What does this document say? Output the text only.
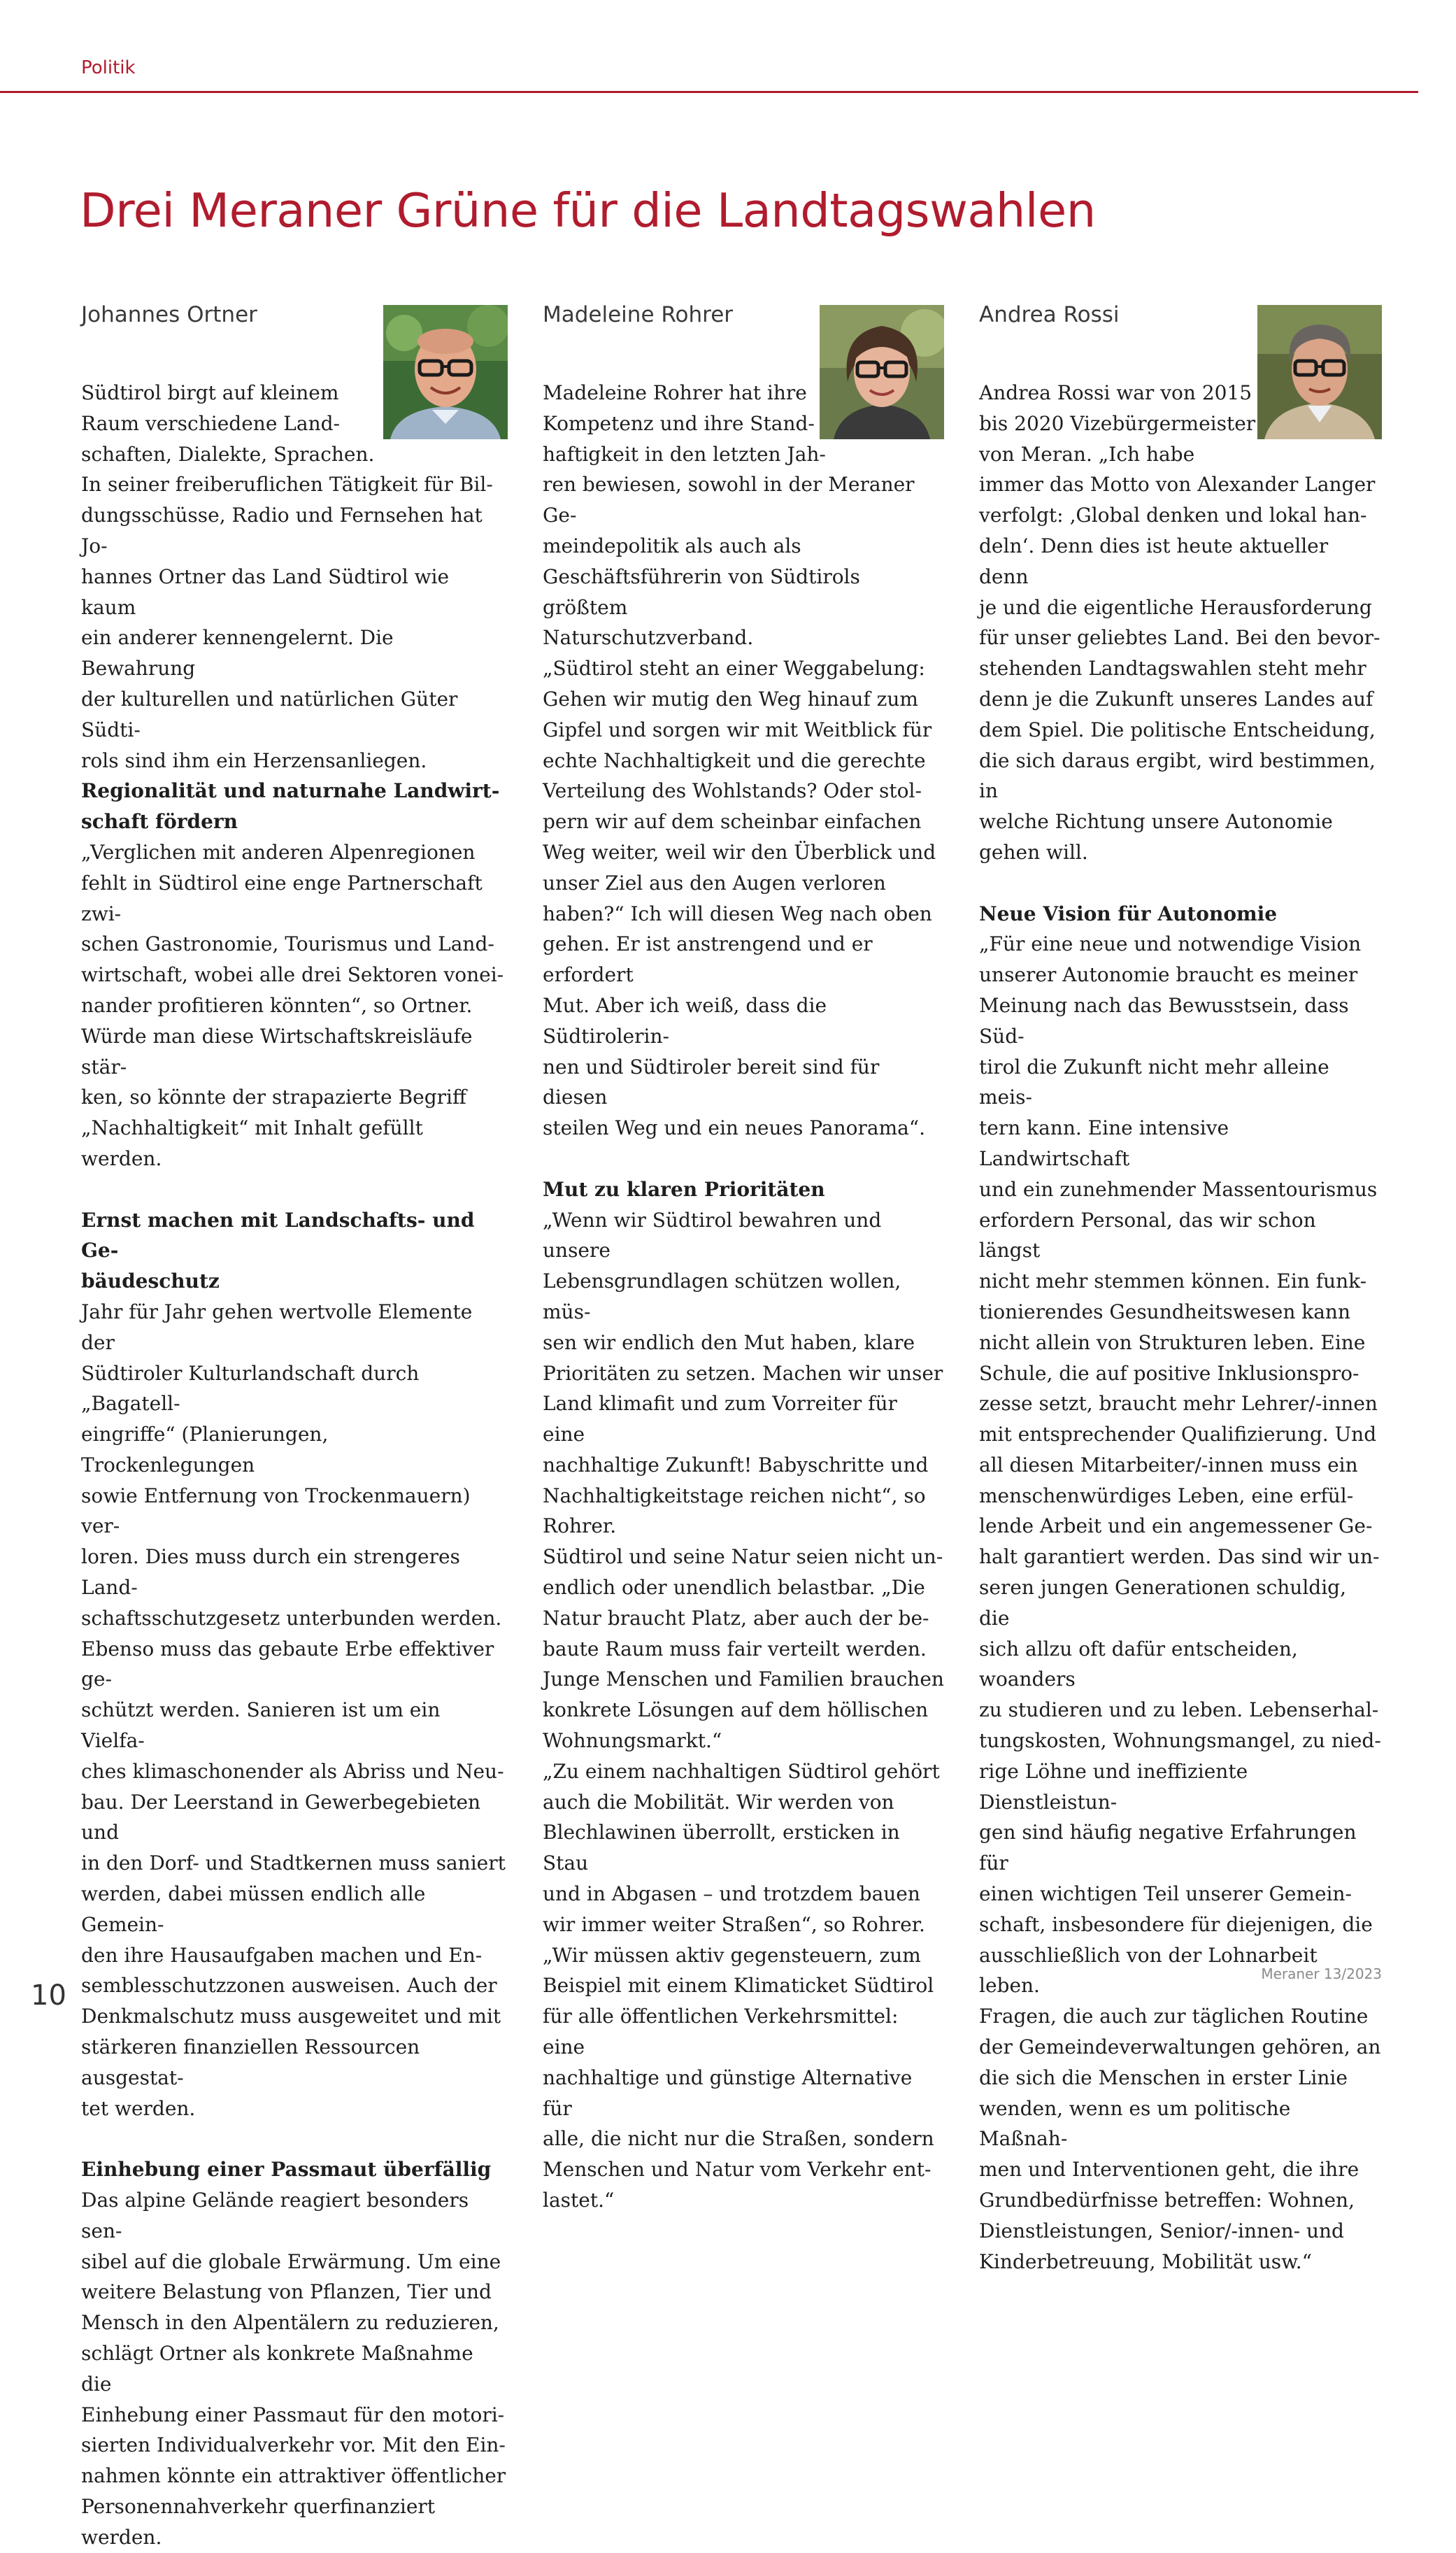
Politik

Drei Meraner Grüne für die Landtagswahlen
Johannes Ortner

Südtirol birgt auf kleinem
Raum verschiedene Land-
schaften, Dialekte, Sprachen.
In seiner freiberuflichen Tätigkeit für Bil-
dungsschüsse, Radio und Fernsehen hat Jo-
hannes Ortner das Land Südtirol wie kaum
ein anderer kennengelernt. Die Bewahrung
der kulturellen und natürlichen Güter Südti-
rols sind ihm ein Herzensanliegen.

Regionalität und naturnahe Landwirt-
schaft fördern

„Verglichen mit anderen Alpenregionen
fehlt in Südtirol eine enge Partnerschaft zwi-
schen Gastronomie, Tourismus und Land-
wirtschaft, wobei alle drei Sektoren vonei-
nander profitieren könnten“, so Ortner.
Würde man diese Wirtschaftskreisläufe stär-
ken, so könnte der strapazierte Begriff
„Nachhaltigkeit“ mit Inhalt gefüllt werden.

Ernst machen mit Landschafts- und Ge-
bäudeschutz

Jahr für Jahr gehen wertvolle Elemente der
Südtiroler Kulturlandschaft durch „Bagatell-
eingriffe“ (Planierungen, Trockenlegungen
sowie Entfernung von Trockenmauern) ver-
loren. Dies muss durch ein strengeres Land-
schaftsschutzgesetz unterbunden werden.
Ebenso muss das gebaute Erbe effektiver ge-
schützt werden. Sanieren ist um ein Vielfa-
ches klimaschonender als Abriss und Neu-
bau. Der Leerstand in Gewerbegebieten und
in den Dorf- und Stadtkernen muss saniert
werden, dabei müssen endlich alle Gemein-
den ihre Hausaufgaben machen und En-
semblesschutzzonen ausweisen. Auch der
Denkmalschutz muss ausgeweitet und mit
stärkeren finanziellen Ressourcen ausgestat-
tet werden.

Einhebung einer Passmaut überfällig

Das alpine Gelände reagiert besonders sen-
sibel auf die globale Erwärmung. Um eine
weitere Belastung von Pflanzen, Tier und
Mensch in den Alpentälern zu reduzieren,
schlägt Ortner als konkrete Maßnahme die
Einhebung einer Passmaut für den motori-
sierten Individualverkehr vor. Mit den Ein-
nahmen könnte ein attraktiver öffentlicher
Personennahverkehr querfinanziert werden.

Madeleine Rohrer

Madeleine Rohrer hat ihre
Kompetenz und ihre Stand-
haftigkeit in den letzten Jah-
ren bewiesen, sowohl in der Meraner Ge-
meindepolitik als auch als
Geschäftsführerin von Südtirols größtem
Naturschutzverband.
„Südtirol steht an einer Weggabelung:
Gehen wir mutig den Weg hinauf zum
Gipfel und sorgen wir mit Weitblick für
echte Nachhaltigkeit und die gerechte
Verteilung des Wohlstands? Oder stol-
pern wir auf dem scheinbar einfachen
Weg weiter, weil wir den Überblick und
unser Ziel aus den Augen verloren
haben?“ Ich will diesen Weg nach oben
gehen. Er ist anstrengend und er erfordert
Mut. Aber ich weiß, dass die Südtirolerin-
nen und Südtiroler bereit sind für diesen
steilen Weg und ein neues Panorama“.

Mut zu klaren Prioritäten

„Wenn wir Südtirol bewahren und unsere
Lebensgrundlagen schützen wollen, müs-
sen wir endlich den Mut haben, klare
Prioritäten zu setzen. Machen wir unser
Land klimafit und zum Vorreiter für eine
nachhaltige Zukunft! Babyschritte und
Nachhaltigkeitstage reichen nicht“, so
Rohrer.
Südtirol und seine Natur seien nicht un-
endlich oder unendlich belastbar. „Die
Natur braucht Platz, aber auch der be-
baute Raum muss fair verteilt werden.
Junge Menschen und Familien brauchen
konkrete Lösungen auf dem höllischen
Wohnungsmarkt.“
„Zu einem nachhaltigen Südtirol gehört
auch die Mobilität. Wir werden von
Blechlawinen überrollt, ersticken in Stau
und in Abgasen – und trotzdem bauen
wir immer weiter Straßen“, so Rohrer.
„Wir müssen aktiv gegensteuern, zum
Beispiel mit einem Klimaticket Südtirol
für alle öffentlichen Verkehrsmittel: eine
nachhaltige und günstige Alternative für
alle, die nicht nur die Straßen, sondern
Menschen und Natur vom Verkehr ent-
lastet.“

Andrea Rossi

Andrea Rossi war von 2015
bis 2020 Vizebürgermeister
von Meran. „Ich habe
immer das Motto von Alexander Langer
verfolgt: ‚Global denken und lokal han-
deln‘. Denn dies ist heute aktueller denn
je und die eigentliche Herausforderung
für unser geliebtes Land. Bei den bevor-
stehenden Landtagswahlen steht mehr
denn je die Zukunft unseres Landes auf
dem Spiel. Die politische Entscheidung,
die sich daraus ergibt, wird bestimmen, in
welche Richtung unsere Autonomie
gehen will.

Neue Vision für Autonomie

„Für eine neue und notwendige Vision
unserer Autonomie braucht es meiner
Meinung nach das Bewusstsein, dass Süd-
tirol die Zukunft nicht mehr alleine meis-
tern kann. Eine intensive Landwirtschaft
und ein zunehmender Massentourismus
erfordern Personal, das wir schon längst
nicht mehr stemmen können. Ein funk-
tionierendes Gesundheitswesen kann
nicht allein von Strukturen leben. Eine
Schule, die auf positive Inklusionspro-
zesse setzt, braucht mehr Lehrer/-innen
mit entsprechender Qualifizierung. Und
all diesen Mitarbeiter/-innen muss ein
menschenwürdiges Leben, eine erfül-
lende Arbeit und ein angemessener Ge-
halt garantiert werden. Das sind wir un-
seren jungen Generationen schuldig, die
sich allzu oft dafür entscheiden, woanders
zu studieren und zu leben. Lebenserhal-
tungskosten, Wohnungsmangel, zu nied-
rige Löhne und ineffiziente Dienstleistun-
gen sind häufig negative Erfahrungen für
einen wichtigen Teil unserer Gemein-
schaft, insbesondere für diejenigen, die
ausschließlich von der Lohnarbeit leben.
Fragen, die auch zur täglichen Routine
der Gemeindeverwaltungen gehören, an
die sich die Menschen in erster Linie
wenden, wenn es um politische Maßnah-
men und Interventionen geht, die ihre
Grundbedürfnisse betreffen: Wohnen,
Dienstleistungen, Senior/-innen- und
Kinderbetreuung, Mobilität usw.“

10

Meraner 13/2023
